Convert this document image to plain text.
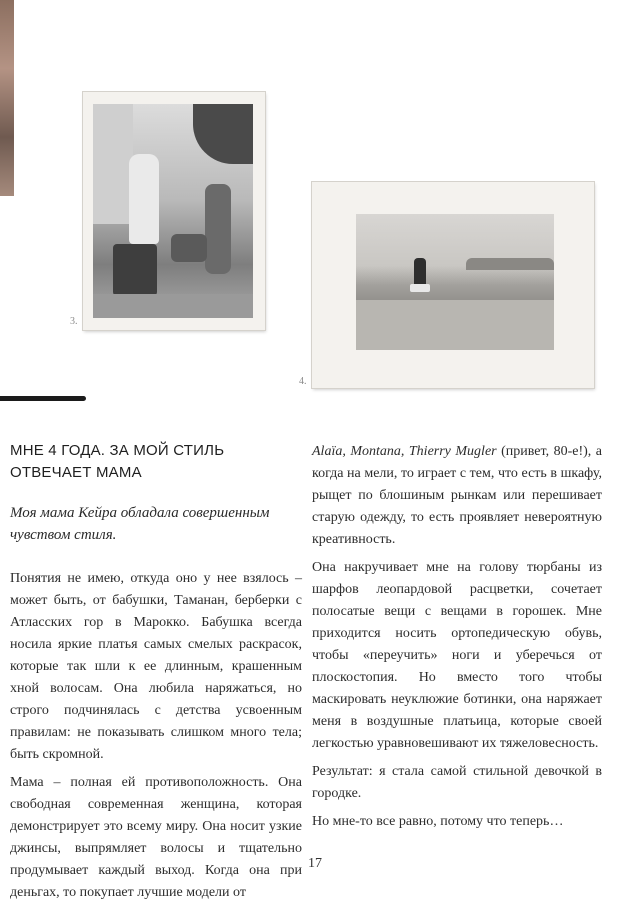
3.
4.
МНЕ 4 ГОДА. ЗА МОЙ СТИЛЬ ОТВЕЧАЕТ МАМА

Моя мама Кейра обладала совершенным чувством стиля.

Понятия не имею, откуда оно у нее взялось – может быть, от бабушки, Таманан, берберки с Атласских гор в Марокко. Бабушка всегда носила яркие платья самых смелых раскрасок, которые так шли к ее длинным, крашенным хной волосам. Она любила наряжаться, но строго подчинялась с детства усвоенным правилам: не показывать слишком много тела; быть скромной.

Мама – полная ей противоположность. Она свободная современная женщина, которая демонстрирует это всему миру. Она носит узкие джинсы, выпрямляет волосы и тщательно продумывает каждый выход. Когда она при деньгах, то покупает лучшие модели от

Alaïa, Montana, Thierry Mugler (привет, 80-е!), а когда на мели, то играет с тем, что есть в шкафу, рыщет по блошиным рынкам или перешивает старую одежду, то есть проявляет невероятную креативность.

Она накручивает мне на голову тюрбаны из шарфов леопардовой расцветки, сочетает полосатые вещи с вещами в горошек. Мне приходится носить ортопедическую обувь, чтобы «переучить» ноги и уберечься от плоскостопия. Но вместо того чтобы маскировать неуклюжие ботинки, она наряжает меня в воздушные платьица, которые своей легкостью уравновешивают их тяжеловесность.

Результат: я стала самой стильной девочкой в городке.

Но мне-то все равно, потому что теперь…

17
